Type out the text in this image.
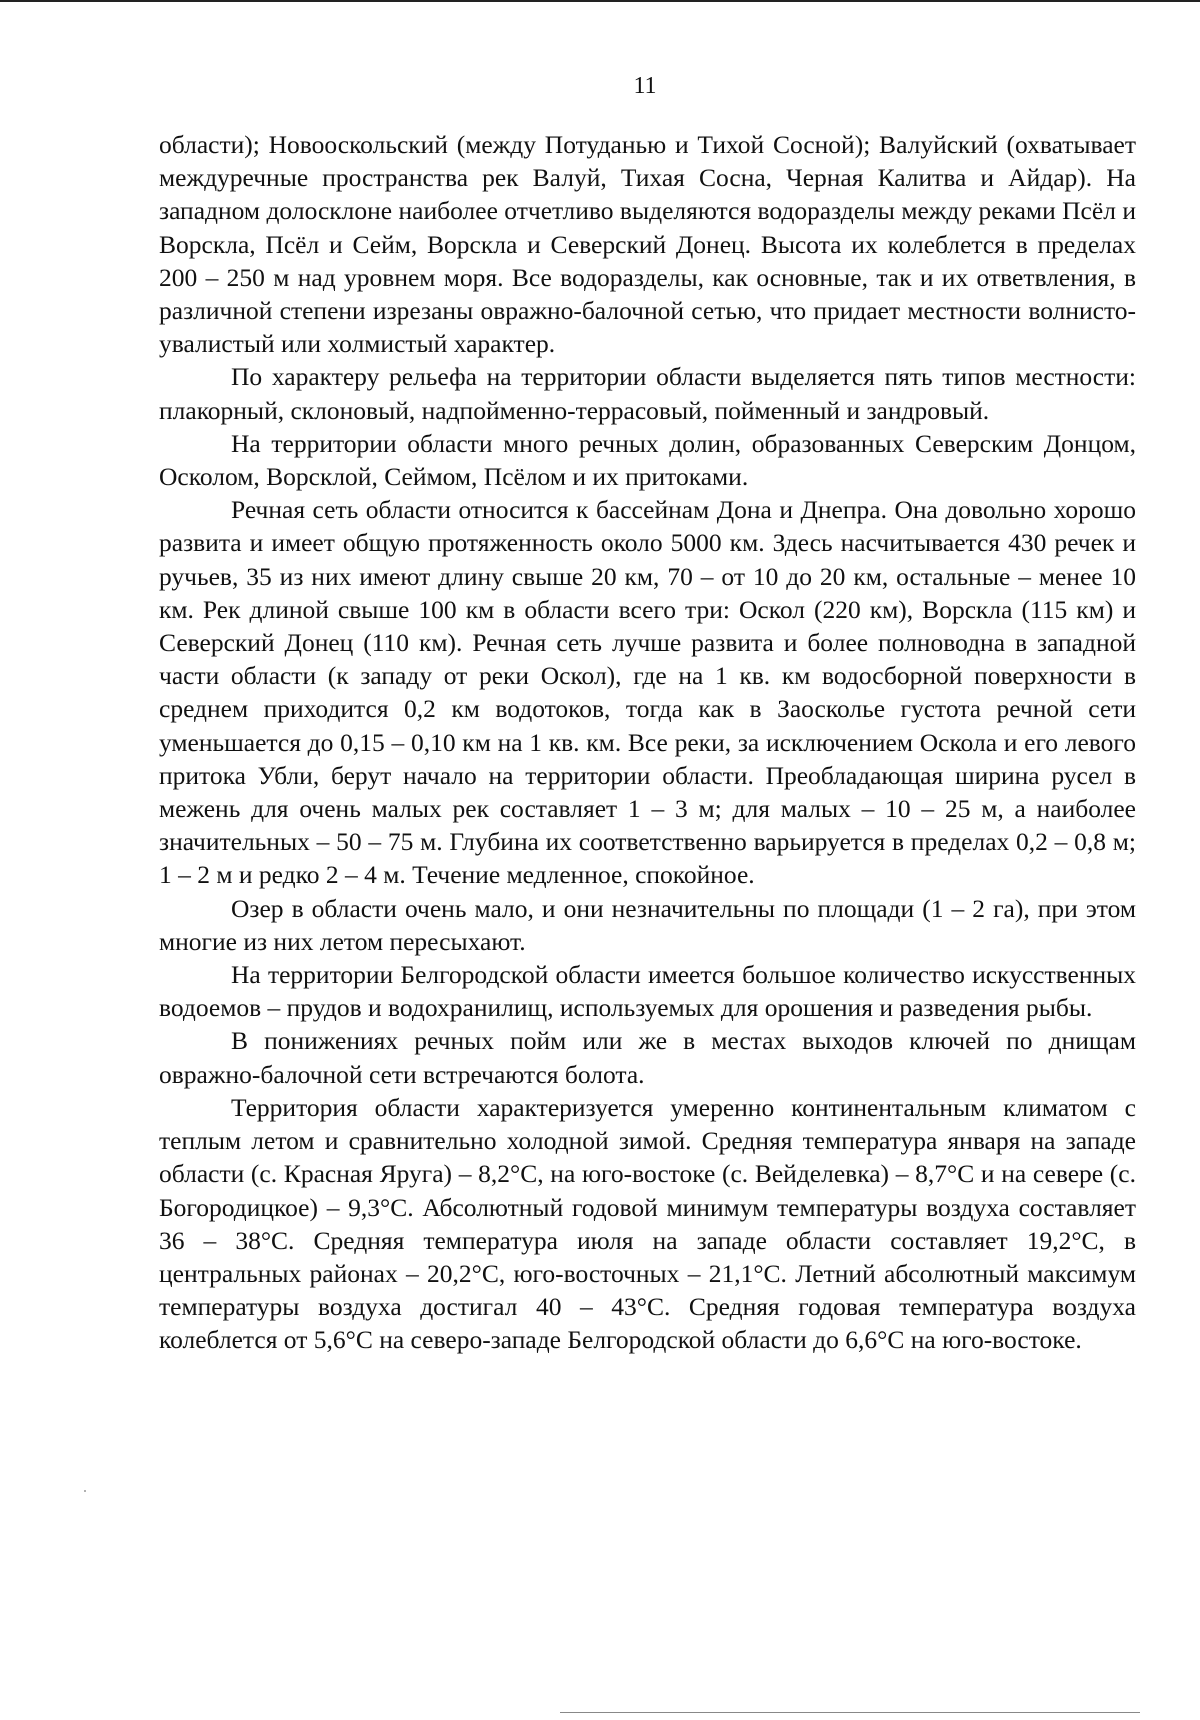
11

области); Новооскольский (между Потуданью и Тихой Сосной); Валуйский (охватывает междуречные пространства рек Валуй, Тихая Сосна, Черная Калитва и Айдар). На западном долосклоне наиболее отчетливо выделяются водоразделы между реками Псёл и Ворскла, Псёл и Сейм, Ворскла и Северский Донец. Высота их колеблется в пределах 200 – 250 м над уровнем моря. Все водоразделы, как основные, так и их ответвления, в различной степени изрезаны овражно-балочной сетью, что придает местности волнисто-увалистый или холмистый характер.

По характеру рельефа на территории области выделяется пять типов местности: плакорный, склоновый, надпойменно-террасовый, пойменный и зандровый.

На территории области много речных долин, образованных Северским Донцом, Осколом, Ворсклой, Сеймом, Псёлом и их притоками.

Речная сеть области относится к бассейнам Дона и Днепра. Она довольно хорошо развита и имеет общую протяженность около 5000 км. Здесь насчитывается 430 речек и ручьев, 35 из них имеют длину свыше 20 км, 70 – от 10 до 20 км, остальные – менее 10 км. Рек длиной свыше 100 км в области всего три: Оскол (220 км), Ворскла (115 км) и Северский Донец (110 км). Речная сеть лучше развита и более полноводна в западной части области (к западу от реки Оскол), где на 1 кв. км водосборной поверхности в среднем приходится 0,2 км водотоков, тогда как в Заосколье густота речной сети уменьшается до 0,15 – 0,10 км на 1 кв. км. Все реки, за исключением Оскола и его левого притока Убли, берут начало на территории области. Преобладающая ширина русел в межень для очень малых рек составляет 1 – 3 м; для малых – 10 – 25 м, а наиболее значительных – 50 – 75 м. Глубина их соответственно варьируется в пределах 0,2 – 0,8 м; 1 – 2 м и редко 2 – 4 м. Течение медленное, спокойное.

Озер в области очень мало, и они незначительны по площади (1 – 2 га), при этом многие из них летом пересыхают.

На территории Белгородской области имеется большое количество искусственных водоемов – прудов и водохранилищ, используемых для орошения и разведения рыбы.

В понижениях речных пойм или же в местах выходов ключей по днищам овражно-балочной сети встречаются болота.

Территория области характеризуется умеренно континентальным климатом с теплым летом и сравнительно холодной зимой. Средняя температура января на западе области (с. Красная Яруга) – 8,2°С, на юго-востоке (с. Вейделевка) – 8,7°С и на севере (с. Богородицкое) – 9,3°С. Абсолютный годовой минимум температуры воздуха составляет 36 – 38°С. Средняя температура июля на западе области составляет 19,2°С, в центральных районах – 20,2°С, юго-восточных – 21,1°С. Летний абсолютный максимум температуры воздуха достигал 40 – 43°С. Средняя годовая температура воздуха колеблется от 5,6°С на северо-западе Белгородской области до 6,6°С на юго-востоке.
